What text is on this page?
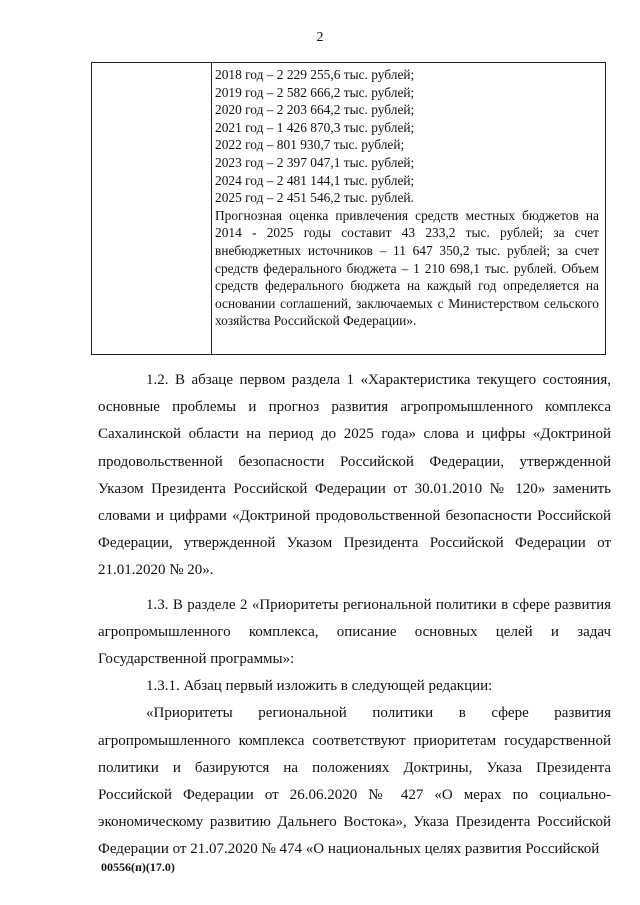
2
2018 год – 2 229 255,6 тыс. рублей;
2019 год – 2 582 666,2 тыс. рублей;
2020 год – 2 203 664,2 тыс. рублей;
2021 год – 1 426 870,3 тыс. рублей;
2022 год – 801 930,7 тыс. рублей;
2023 год – 2 397 047,1 тыс. рублей;
2024 год – 2 481 144,1 тыс. рублей;
2025 год – 2 451 546,2 тыс. рублей.

Прогнозная оценка привлечения средств местных бюджетов на 2014 - 2025 годы составит 43 233,2 тыс. рублей; за счет внебюджетных источников – 11 647 350,2 тыс. рублей; за счет средств федерального бюджета – 1 210 698,1 тыс. рублей. Объем средств федерального бюджета на каждый год определяется на основании соглашений, заключаемых с Министерством сельского хозяйства Российской Федерации».

1.2. В абзаце первом раздела 1 «Характеристика текущего состояния, основные проблемы и прогноз развития агропромышленного комплекса Сахалинской области на период до 2025 года» слова и цифры «Доктриной продовольственной безопасности Российской Федерации, утвержденной Указом Президента Российской Федерации от 30.01.2010 № 120» заменить словами и цифрами «Доктриной продовольственной безопасности Российской Федерации, утвержденной Указом Президента Российской Федерации от 21.01.2020 № 20».

1.3. В разделе 2 «Приоритеты региональной политики в сфере развития агропромышленного комплекса, описание основных целей и задач Государственной программы»:

1.3.1. Абзац первый изложить в следующей редакции:

«Приоритеты региональной политики в сфере развития агропромышленного комплекса соответствуют приоритетам государственной политики и базируются на положениях Доктрины, Указа Президента Российской Федерации от 26.06.2020 № 427 «О мерах по социально-экономическому развитию Дальнего Востока», Указа Президента Российской Федерации от 21.07.2020 № 474 «О национальных целях развития Российской

00556(п)(17.0)
